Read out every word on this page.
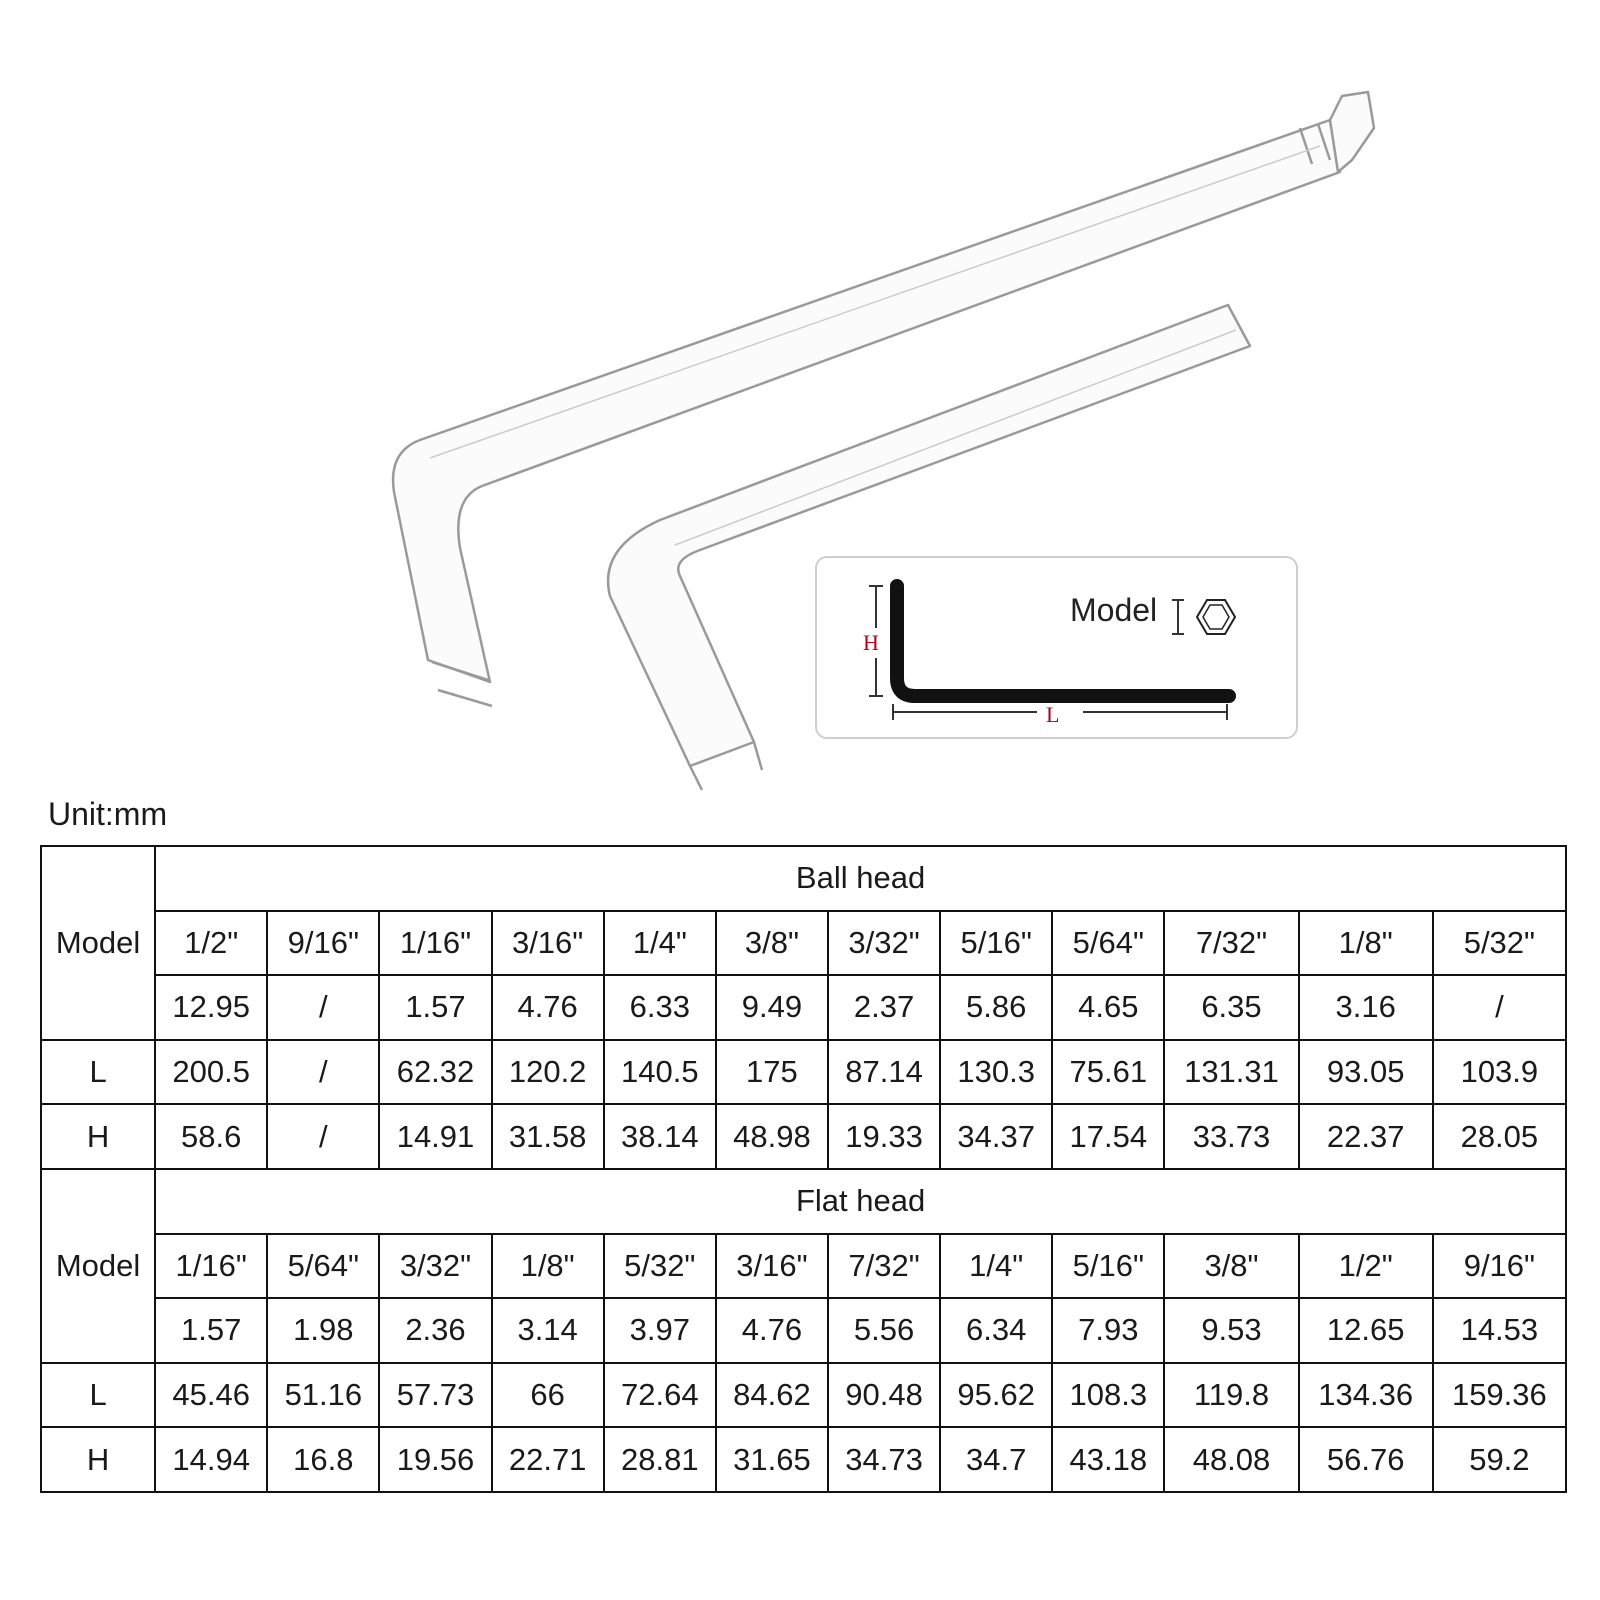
Model
H
L
Unit:mm
Model	Ball head											
	1/2"	9/16"	1/16"	3/16"	1/4"	3/8"	3/32"	5/16"	5/64"	7/32"	1/8"	5/32"
	12.95	/	1.57	4.76	6.33	9.49	2.37	5.86	4.65	6.35	3.16	/
L	200.5	/	62.32	120.2	140.5	175	87.14	130.3	75.61	131.31	93.05	103.9
H	58.6	/	14.91	31.58	38.14	48.98	19.33	34.37	17.54	33.73	22.37	28.05
Model	Flat head											
	1/16"	5/64"	3/32"	1/8"	5/32"	3/16"	7/32"	1/4"	5/16"	3/8"	1/2"	9/16"
	1.57	1.98	2.36	3.14	3.97	4.76	5.56	6.34	7.93	9.53	12.65	14.53
L	45.46	51.16	57.73	66	72.64	84.62	90.48	95.62	108.3	119.8	134.36	159.36
H	14.94	16.8	19.56	22.71	28.81	31.65	34.73	34.7	43.18	48.08	56.76	59.2
